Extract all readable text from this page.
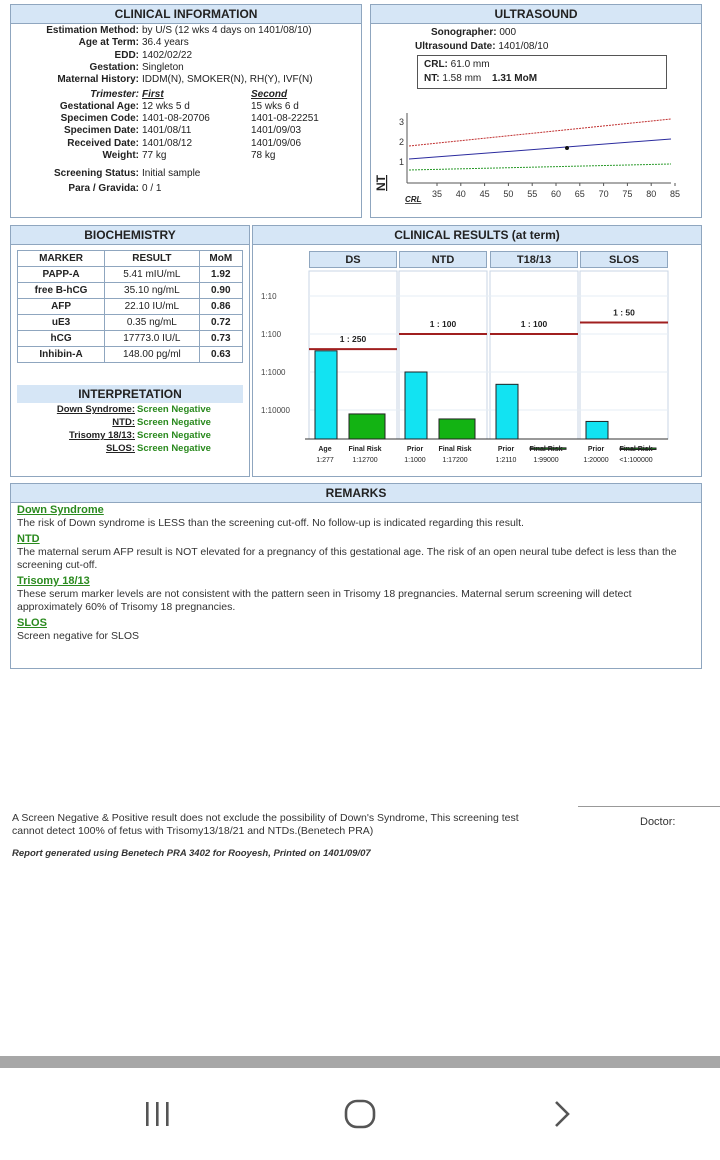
CLINICAL INFORMATION
Estimation Method: by U/S (12 wks 4 days on 1401/08/10)
Age at Term: 36.4 years
EDD: 1402/02/22
Gestation: Singleton
Maternal History: IDDM(N), SMOKER(N), RH(Y), IVF(N)
Trimester: First	Second
Gestational Age: 12 wks 5 d	15 wks 6 d
Specimen Code: 1401-08-20706	1401-08-22251
Specimen Date: 1401/08/11	1401/09/03
Received Date: 1401/08/12	1401/09/06
Weight: 77 kg	78 kg
Screening Status: Initial sample
Para / Gravida: 0 / 1
ULTRASOUND
Sonographer: 000
Ultrasound Date: 1401/08/10
CRL: 61.0 mm
NT: 1.58 mm 1.31 MoM
3
2
1
35 40 45 50 55 60 65 70 75 80 85
NT
CRL
BIOCHEMISTRY
MARKER	RESULT	MoM
PAPP-A	5.41 mIU/mL	1.92
free B-hCG	35.10 ng/mL	0.90
AFP	22.10 IU/mL	0.86
uE3	0.35 ng/mL	0.72
hCG	17773.0 IU/L	0.73
Inhibin-A	148.00 pg/ml	0.63
INTERPRETATION
Down Syndrome: Screen Negative
NTD: Screen Negative
Trisomy 18/13: Screen Negative
SLOS: Screen Negative
CLINICAL RESULTS (at term)
DS	NTD	T18/13	SLOS
1:10
1:100
1:1000
1:10000
1 : 250
Age Final Risk
1:277	1:12700
1 : 100
Prior Final Risk
1:1000 1:17200
1 : 100
Prior Final Risk
1:2110 1:99000
1 : 50
Prior Final Risk
1:20000 <1:100000
REMARKS
Down Syndrome
The risk of Down syndrome is LESS than the screening cut-off. No follow-up is indicated regarding this result.
NTD
The maternal serum AFP result is NOT elevated for a pregnancy of this gestational age. The risk of an open neural tube defect is less than the screening cut-off.
Trisomy 18/13
These serum marker levels are not consistent with the pattern seen in Trisomy 18 pregnancies. Maternal serum screening will detect approximately 60% of Trisomy 18 pregnancies.
SLOS
Screen negative for SLOS
A Screen Negative & Positive result does not exclude the possibility of Down's Syndrome, This screening test cannot detect 100% of fetus with Trisomy13/18/21 and NTDs.(Benetech PRA)
Report generated using Benetech PRA 3402 for Rooyesh, Printed on 1401/09/07
Doctor:
